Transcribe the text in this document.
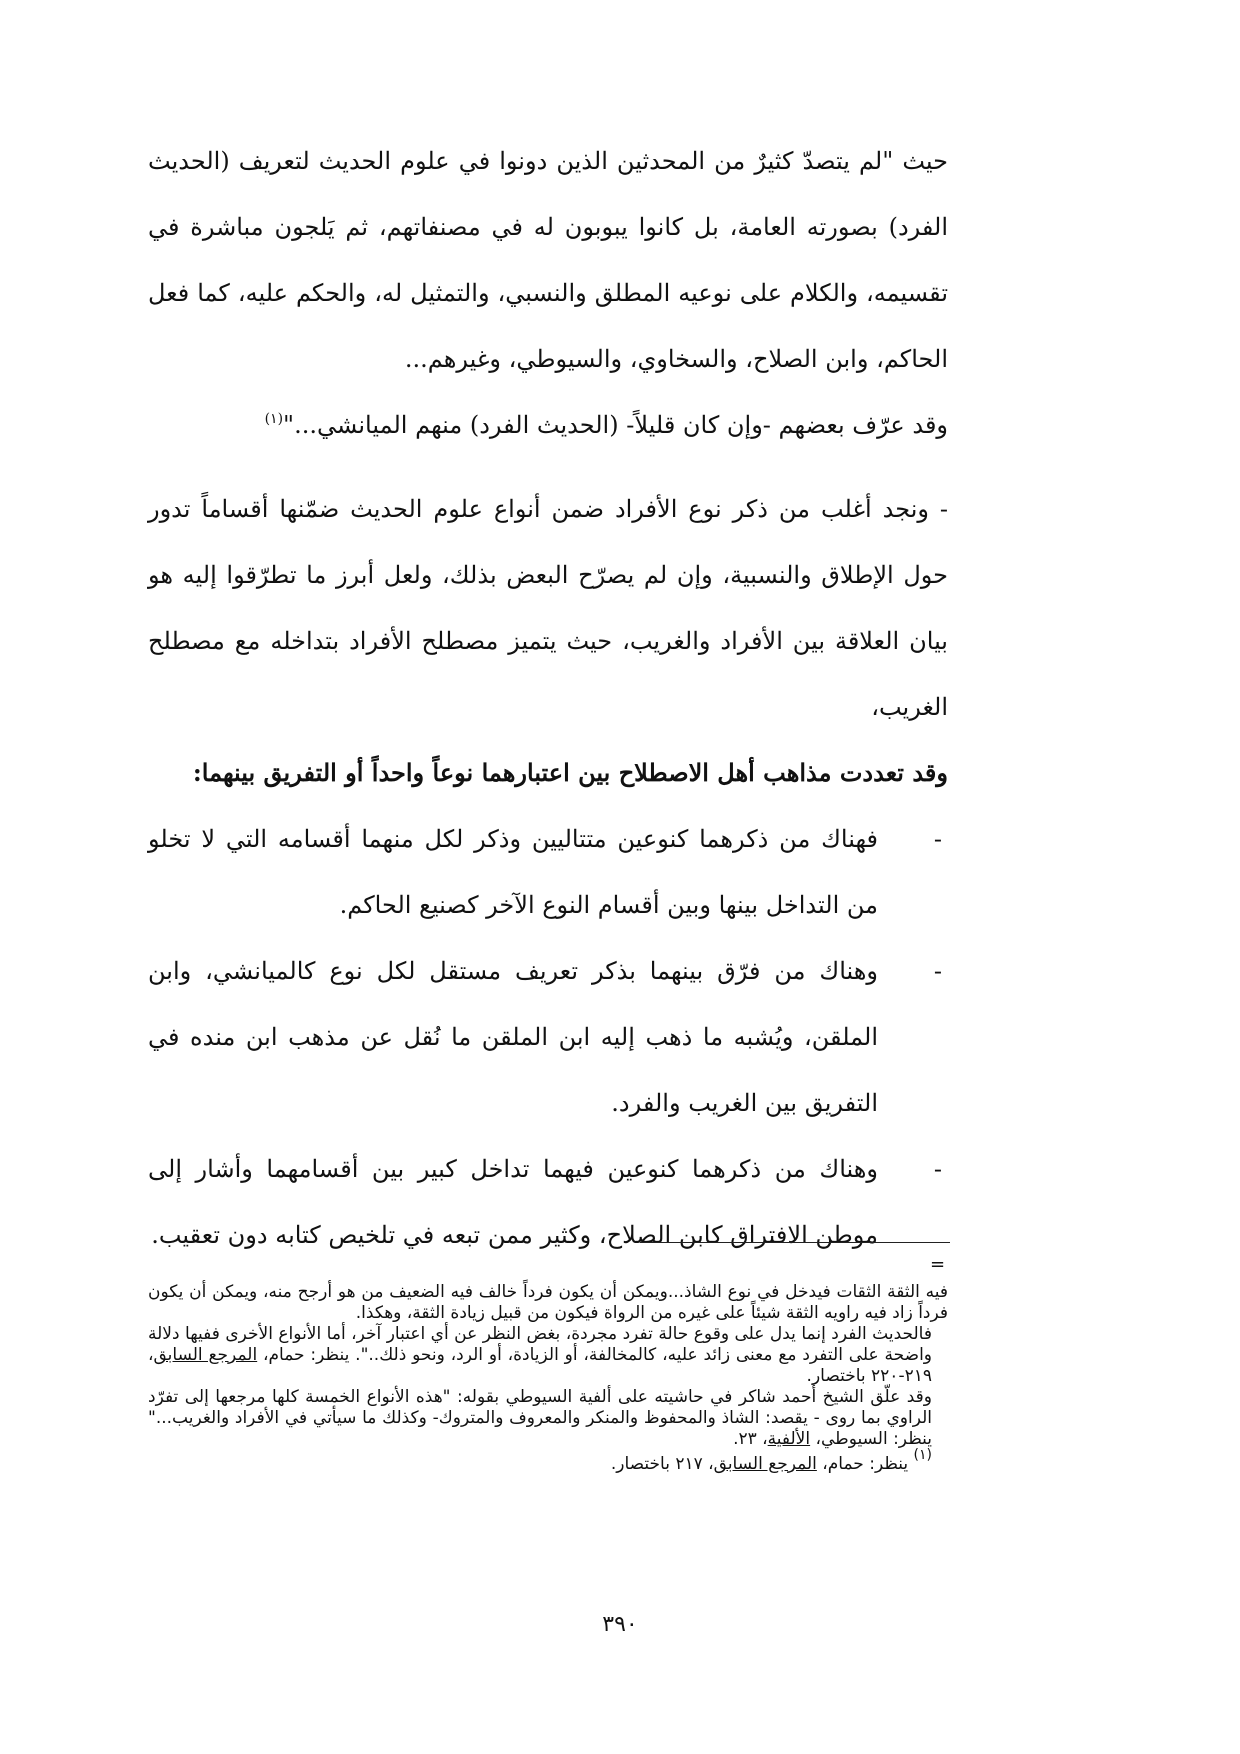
حيث "لم يتصدّ كثيرٌ من المحدثين الذين دونوا في علوم الحديث لتعريف (الحديث الفرد) بصورته العامة، بل كانوا يبوبون له في مصنفاتهم، ثم يَلجون مباشرة في تقسيمه، والكلام على نوعيه المطلق والنسبي، والتمثيل له، والحكم عليه، كما فعل الحاكم، وابن الصلاح، والسخاوي، والسيوطي، وغيرهم...

وقد عرّف بعضهم -وإن كان قليلاً- (الحديث الفرد) منهم الميانشي..."$^{(١)}$

- ونجد أغلب من ذكر نوع الأفراد ضمن أنواع علوم الحديث ضمّنها أقساماً تدور حول الإطلاق والنسبية، وإن لم يصرّح البعض بذلك، ولعل أبرز ما تطرّقوا إليه هو بيان العلاقة بين الأفراد والغريب، حيث يتميز مصطلح الأفراد بتداخله مع مصطلح الغريب،

وقد تعددت مذاهب أهل الاصطلاح بين اعتبارهما نوعاً واحداً أو التفريق بينهما:

-
فهناك من ذكرهما كنوعين متتاليين وذكر لكل منهما أقسامه التي لا تخلو من التداخل بينها وبين أقسام النوع الآخر كصنيع الحاكم.
-
وهناك من فرّق بينهما بذكر تعريف مستقل لكل نوع كالميانشي، وابن الملقن، ويُشبه ما ذهب إليه ابن الملقن ما نُقل عن مذهب ابن منده في التفريق بين الغريب والفرد.
-
وهناك من ذكرهما كنوعين فيهما تداخل كبير بين أقسامهما وأشار إلى موطن الافتراق كابن الصلاح، وكثير ممن تبعه في تلخيص كتابه دون تعقيب.
=

فيه الثقة الثقات فيدخل في نوع الشاذ...ويمكن أن يكون فرداً خالف فيه الضعيف من هو أرجح منه، ويمكن أن يكون فرداً زاد فيه راويه الثقة شيئاً على غيره من الرواة فيكون من قبيل زيادة الثقة، وهكذا.

فالحديث الفرد إنما يدل على وقوع حالة تفرد مجردة، بغض النظر عن أي اعتبار آخر، أما الأنواع الأخرى ففيها دلالة واضحة على التفرد مع معنى زائد عليه، كالمخالفة، أو الزيادة، أو الرد، ونحو ذلك..". ينظر: حمام، المرجع السابق، ٢١٩-٢٢٠ باختصار.

وقد علّق الشيخ أحمد شاكر في حاشيته على ألفية السيوطي بقوله: "هذه الأنواع الخمسة كلها مرجعها إلى تفرّد الراوي بما روى - يقصد: الشاذ والمحفوظ والمنكر والمعروف والمتروك- وكذلك ما سيأتي في الأفراد والغريب..." ينظر: السيوطي، الألفية، ٢٣.

$^{(١)}$ ينظر: حمام، المرجع السابق، ٢١٧ باختصار.

٣٩٠
